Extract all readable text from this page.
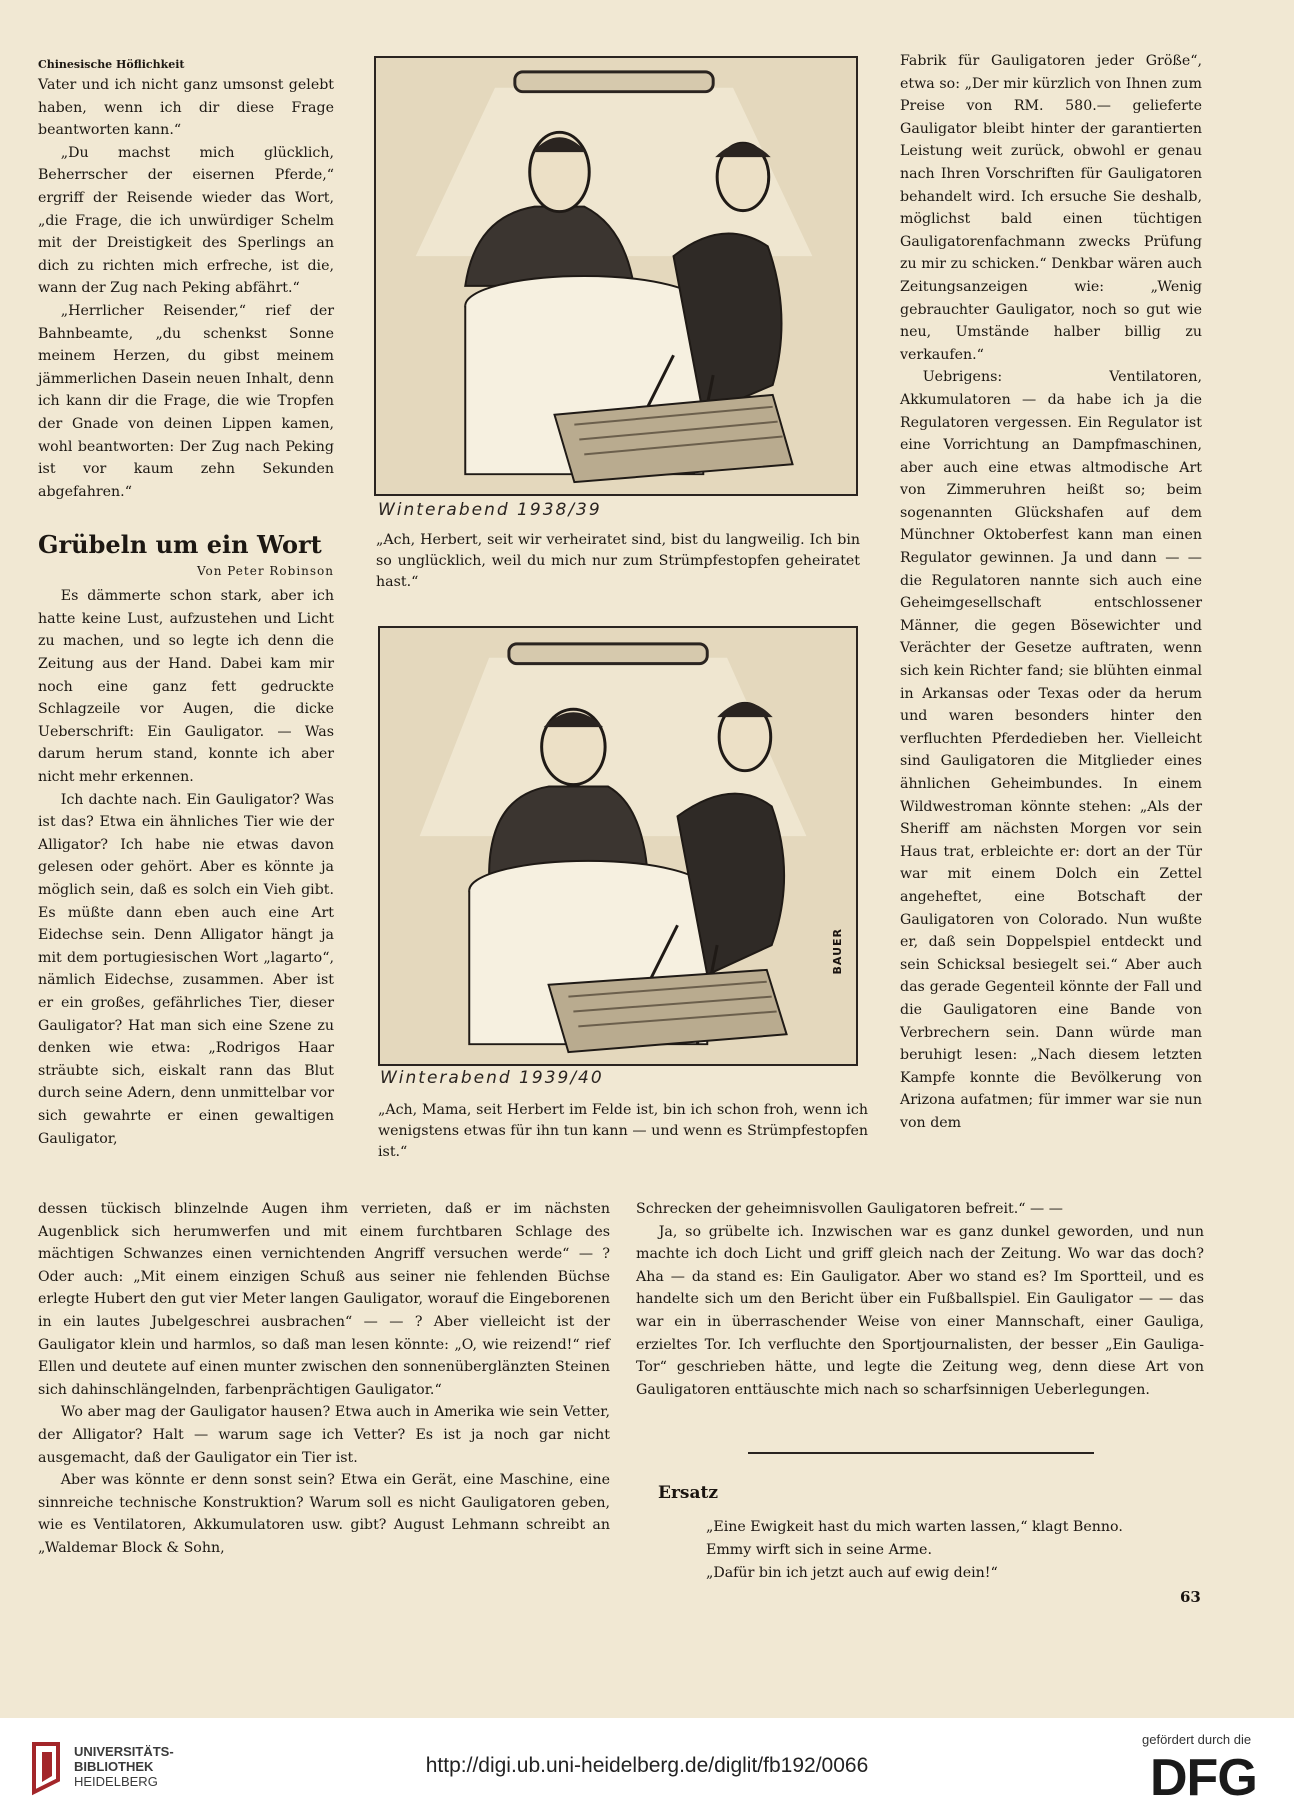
Chinesische Höflichkeit

Vater und ich nicht ganz umsonst gelebt haben, wenn ich dir diese Frage beantworten kann.“

„Du machst mich glücklich, Beherrscher der eisernen Pferde,“ ergriff der Reisende wieder das Wort, „die Frage, die ich unwürdiger Schelm mit der Dreistigkeit des Sperlings an dich zu richten mich erfreche, ist die, wann der Zug nach Peking abfährt.“

„Herrlicher Reisender,“ rief der Bahnbeamte, „du schenkst Sonne meinem Herzen, du gibst meinem jämmerlichen Dasein neuen Inhalt, denn ich kann dir die Frage, die wie Tropfen der Gnade von deinen Lippen kamen, wohl beantworten: Der Zug nach Peking ist vor kaum zehn Sekunden abgefahren.“

Grübeln um ein Wort
Von Peter Robinson

Es dämmerte schon stark, aber ich hatte keine Lust, aufzustehen und Licht zu machen, und so legte ich denn die Zeitung aus der Hand. Dabei kam mir noch eine ganz fett gedruckte Schlagzeile vor Augen, die dicke Ueberschrift: Ein Gauligator. — Was darum herum stand, konnte ich aber nicht mehr erkennen.

Ich dachte nach. Ein Gauligator? Was ist das? Etwa ein ähnliches Tier wie der Alligator? Ich habe nie etwas davon gelesen oder gehört. Aber es könnte ja möglich sein, daß es solch ein Vieh gibt. Es müßte dann eben auch eine Art Eidechse sein. Denn Alligator hängt ja mit dem portugiesischen Wort „lagarto“, nämlich Eidechse, zusammen. Aber ist er ein großes, gefährliches Tier, dieser Gauligator? Hat man sich eine Szene zu denken wie etwa: „Rodrigos Haar sträubte sich, eiskalt rann das Blut durch seine Adern, denn unmittelbar vor sich gewahrte er einen gewaltigen Gauligator,

Winterabend 1938/39
„Ach, Herbert, seit wir verheiratet sind, bist du langweilig. Ich bin so unglücklich, weil du mich nur zum Strümpfestopfen geheiratet hast.“
BAUER
Winterabend 1939/40
„Ach, Mama, seit Herbert im Felde ist, bin ich schon froh, wenn ich wenigstens etwas für ihn tun kann — und wenn es Strümpfestopfen ist.“

Fabrik für Gauligatoren jeder Größe“, etwa so: „Der mir kürzlich von Ihnen zum Preise von RM. 580.— gelieferte Gauligator bleibt hinter der garantierten Leistung weit zurück, obwohl er genau nach Ihren Vorschriften für Gauligatoren behandelt wird. Ich ersuche Sie deshalb, möglichst bald einen tüchtigen Gauligatorenfachmann zwecks Prüfung zu mir zu schicken.“ Denkbar wären auch Zeitungsanzeigen wie: „Wenig gebrauchter Gauligator, noch so gut wie neu, Umstände halber billig zu verkaufen.“

Uebrigens: Ventilatoren, Akkumulatoren — da habe ich ja die Regulatoren vergessen. Ein Regulator ist eine Vorrichtung an Dampfmaschinen, aber auch eine etwas altmodische Art von Zimmeruhren heißt so; beim sogenannten Glückshafen auf dem Münchner Oktoberfest kann man einen Regulator gewinnen. Ja und dann — — die Regulatoren nannte sich auch eine Geheimgesellschaft entschlossener Männer, die gegen Bösewichter und Verächter der Gesetze auftraten, wenn sich kein Richter fand; sie blühten einmal in Arkansas oder Texas oder da herum und waren besonders hinter den verfluchten Pferdedieben her. Vielleicht sind Gauligatoren die Mitglieder eines ähnlichen Geheimbundes. In einem Wildwestroman könnte stehen: „Als der Sheriff am nächsten Morgen vor sein Haus trat, erbleichte er: dort an der Tür war mit einem Dolch ein Zettel angeheftet, eine Botschaft der Gauligatoren von Colorado. Nun wußte er, daß sein Doppelspiel entdeckt und sein Schicksal besiegelt sei.“ Aber auch das gerade Gegenteil könnte der Fall und die Gauligatoren eine Bande von Verbrechern sein. Dann würde man beruhigt lesen: „Nach diesem letzten Kampfe konnte die Bevölkerung von Arizona aufatmen; für immer war sie nun von dem

dessen tückisch blinzelnde Augen ihm verrieten, daß er im nächsten Augenblick sich herumwerfen und mit einem furchtbaren Schlage des mächtigen Schwanzes einen vernichtenden Angriff versuchen werde“ — ? Oder auch: „Mit einem einzigen Schuß aus seiner nie fehlenden Büchse erlegte Hubert den gut vier Meter langen Gauligator, worauf die Eingeborenen in ein lautes Jubelgeschrei ausbrachen“ — — ? Aber vielleicht ist der Gauligator klein und harmlos, so daß man lesen könnte: „O, wie reizend!“ rief Ellen und deutete auf einen munter zwischen den sonnenüberglänzten Steinen sich dahinschlängelnden, farbenprächtigen Gauligator.“

Wo aber mag der Gauligator hausen? Etwa auch in Amerika wie sein Vetter, der Alligator? Halt — warum sage ich Vetter? Es ist ja noch gar nicht ausgemacht, daß der Gauligator ein Tier ist.

Aber was könnte er denn sonst sein? Etwa ein Gerät, eine Maschine, eine sinnreiche technische Konstruktion? Warum soll es nicht Gauligatoren geben, wie es Ventilatoren, Akkumulatoren usw. gibt? August Lehmann schreibt an „Waldemar Block & Sohn,

Schrecken der geheimnisvollen Gauligatoren befreit.“ — —

Ja, so grübelte ich. Inzwischen war es ganz dunkel geworden, und nun machte ich doch Licht und griff gleich nach der Zeitung. Wo war das doch? Aha — da stand es: Ein Gauligator. Aber wo stand es? Im Sportteil, und es handelte sich um den Bericht über ein Fußballspiel. Ein Gauligator — — das war ein in überraschender Weise von einer Mannschaft, einer Gauliga, erzieltes Tor. Ich verfluchte den Sportjournalisten, der besser „Ein Gauliga-Tor“ geschrieben hätte, und legte die Zeitung weg, denn diese Art von Gauligatoren enttäuschte mich nach so scharfsinnigen Ueberlegungen.

Ersatz
„Eine Ewigkeit hast du mich warten lassen,“ klagt Benno.
Emmy wirft sich in seine Arme.
„Dafür bin ich jetzt auch auf ewig dein!“
63
UNIVERSITÄTS-
BIBLIOTHEK
HEIDELBERG
http://digi.ub.uni-heidelberg.de/diglit/fb192/0066
gefördert durch die
DFG
